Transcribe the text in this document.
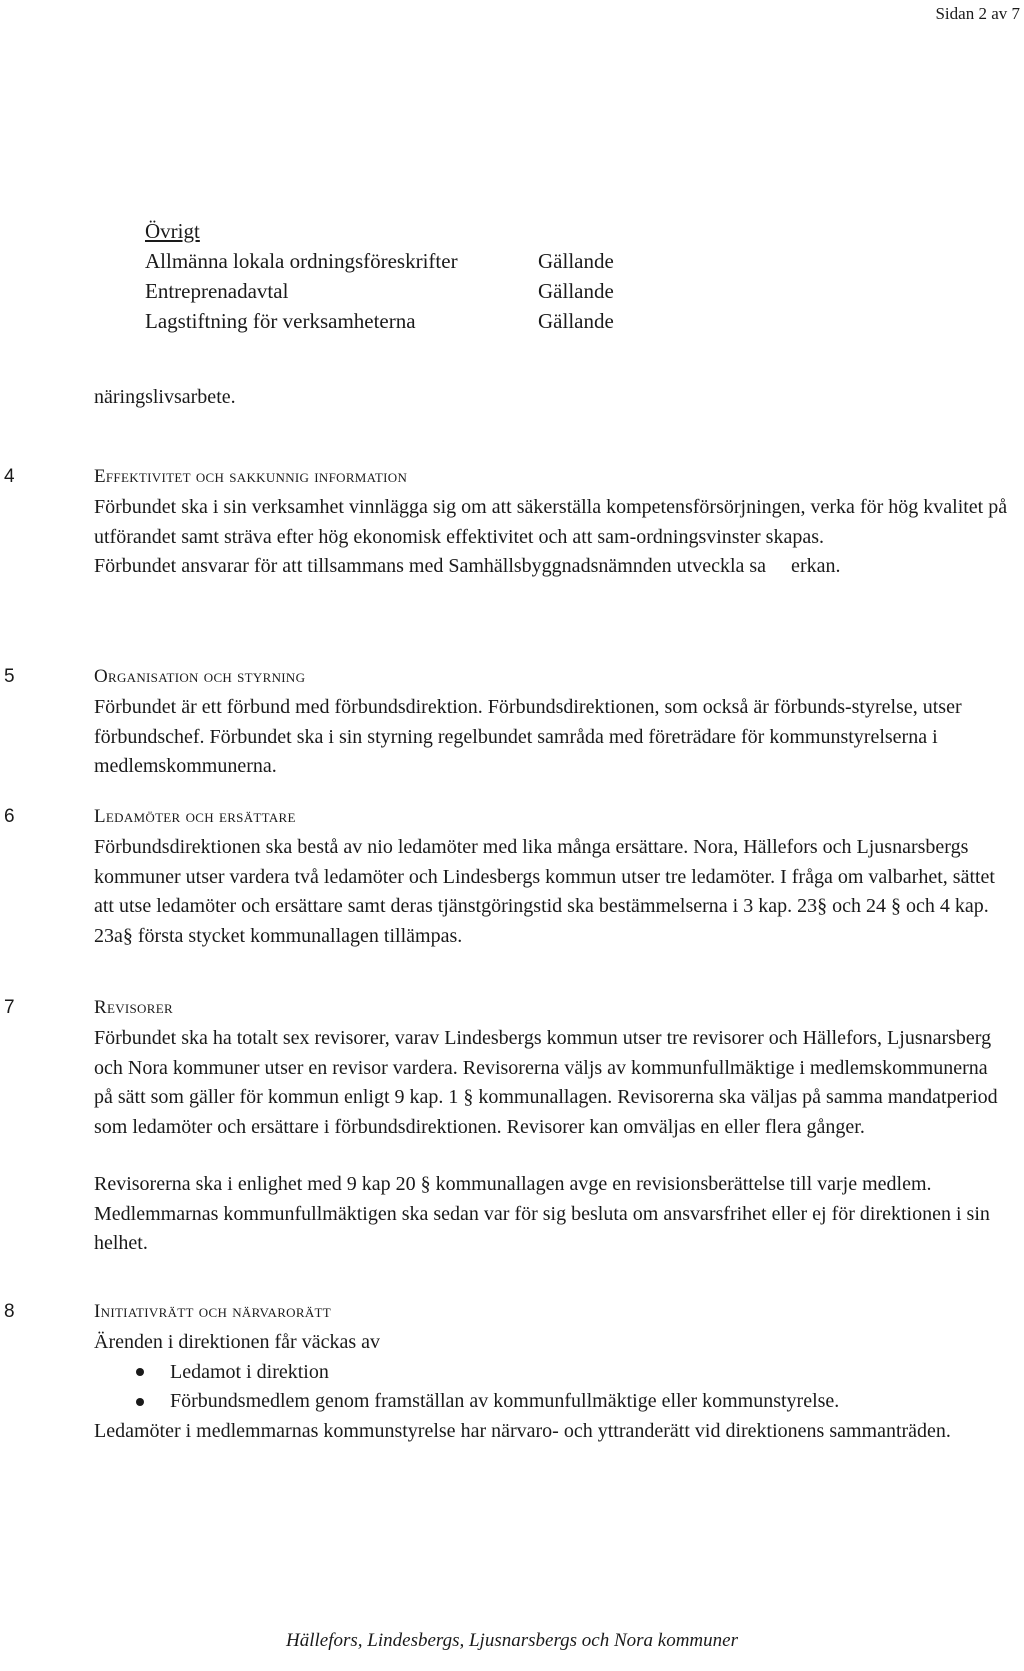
Sidan 2 av 7
Övrigt
Allmänna lokala ordningsföreskrifter	Gällande
Entreprenadavtal	Gällande
Lagstiftning för verksamheterna	Gällande
näringslivsarbete.
4	Effektivitet och sakkunnig information

Förbundet ska i sin verksamhet vinnlägga sig om att säkerställa kompetensförsörjningen, verka för hög kvalitet på utförandet samt sträva efter hög ekonomisk effektivitet och att sam-ordningsvinster skapas.

Förbundet ansvarar för att tillsammans med Samhällsbyggnadsnämnden utveckla sa     erkan.

5	Organisation och styrning

Förbundet är ett förbund med förbundsdirektion. Förbundsdirektionen, som också är förbunds-styrelse, utser förbundschef. Förbundet ska i sin styrning regelbundet samråda med företrädare för kommunstyrelserna i medlemskommunerna.

6	Ledamöter och ersättare

Förbundsdirektionen ska bestå av nio ledamöter med lika många ersättare. Nora, Hällefors och Ljusnarsbergs kommuner utser vardera två ledamöter och Lindesbergs kommun utser tre ledamöter. I fråga om valbarhet, sättet att utse ledamöter och ersättare samt deras tjänstgöringstid ska bestämmelserna i 3 kap. 23§ och 24 § och 4 kap. 23a§ första stycket kommunallagen tillämpas.

7	Revisorer

Förbundet ska ha totalt sex revisorer, varav Lindesbergs kommun utser tre revisorer och Hällefors, Ljusnarsberg och Nora kommuner utser en revisor vardera. Revisorerna väljs av kommunfullmäktige i medlemskommunerna på sätt som gäller för kommun enligt 9 kap. 1 § kommunallagen. Revisorerna ska väljas på samma mandatperiod som ledamöter och ersättare i förbundsdirektionen. Revisorer kan omväljas en eller flera gånger.

Revisorerna ska i enlighet med 9 kap 20 § kommunallagen avge en revisionsberättelse till varje medlem. Medlemmarnas kommunfullmäktigen ska sedan var för sig besluta om ansvarsfrihet eller ej för direktionen i sin helhet.

8	Initiativrätt och närvarorätt

Ärenden i direktionen får väckas av

Ledamot i direktion
Förbundsmedlem genom framställan av kommunfullmäktige eller kommunstyrelse.

Ledamöter i medlemmarnas kommunstyrelse har närvaro- och yttranderätt vid direktionens sammanträden.

Hällefors, Lindesbergs, Ljusnarsbergs och Nora kommuner
